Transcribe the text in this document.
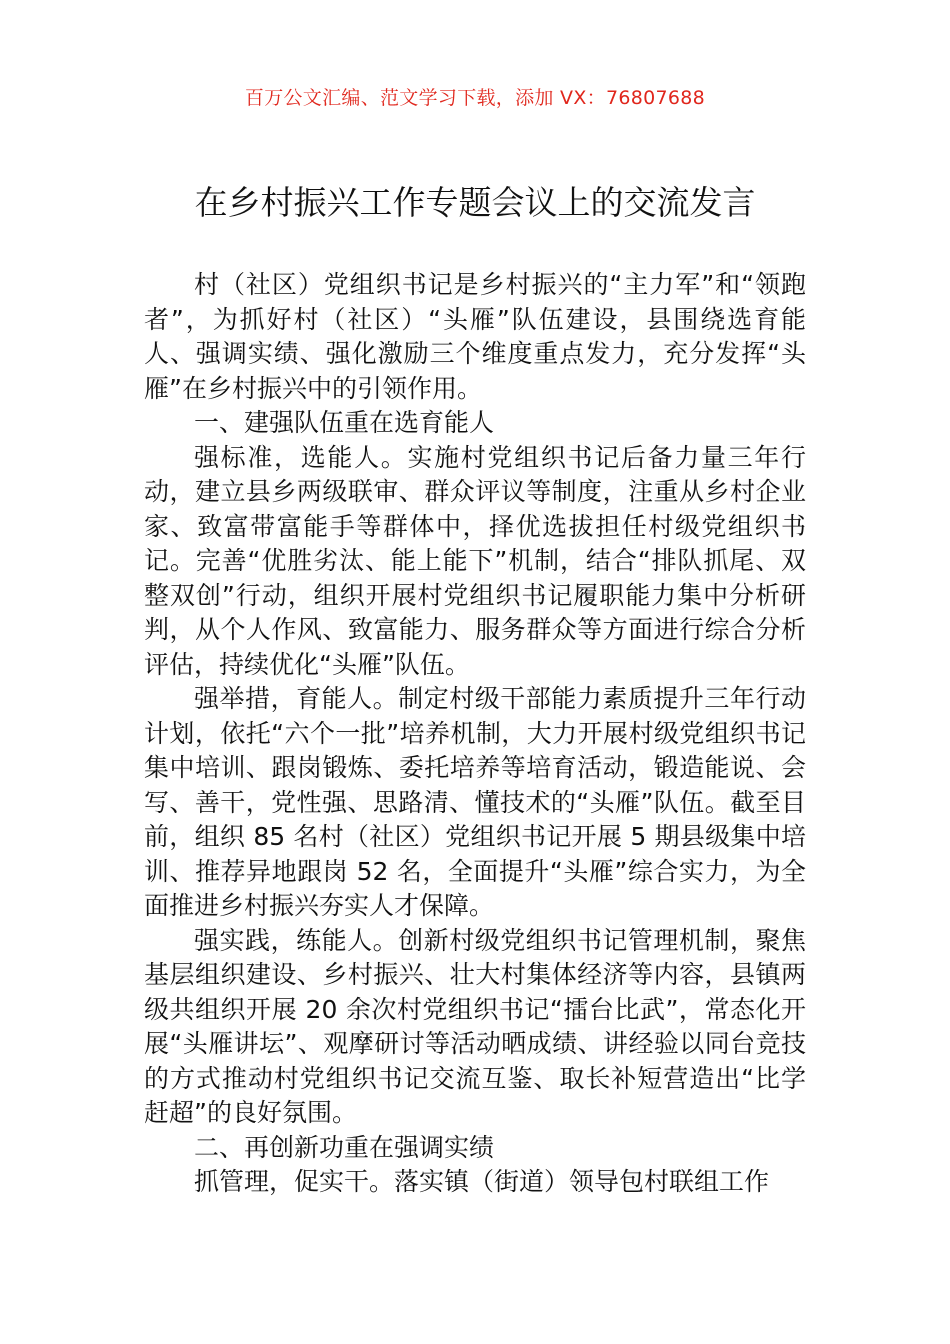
百万公文汇编、范文学习下载，添加 VX：76807688
在乡村振兴工作专题会议上的交流发言

村（社区）党组织书记是乡村振兴的“主力军”和“领跑者”，为抓好村（社区）“头雁”队伍建设，县围绕选育能人、强调实绩、强化激励三个维度重点发力，充分发挥“头雁”在乡村振兴中的引领作用。

一、建强队伍重在选育能人

强标准，选能人。实施村党组织书记后备力量三年行动，建立县乡两级联审、群众评议等制度，注重从乡村企业家、致富带富能手等群体中，择优选拔担任村级党组织书记。完善“优胜劣汰、能上能下”机制，结合“排队抓尾、双整双创”行动，组织开展村党组织书记履职能力集中分析研判，从个人作风、致富能力、服务群众等方面进行综合分析评估，持续优化“头雁”队伍。

强举措，育能人。制定村级干部能力素质提升三年行动计划，依托“六个一批”培养机制，大力开展村级党组织书记集中培训、跟岗锻炼、委托培养等培育活动，锻造能说、会写、善干，党性强、思路清、懂技术的“头雁”队伍。截至目前，组织 85 名村（社区）党组织书记开展 5 期县级集中培训、推荐异地跟岗 52 名，全面提升“头雁”综合实力，为全面推进乡村振兴夯实人才保障。

强实践，练能人。创新村级党组织书记管理机制，聚焦基层组织建设、乡村振兴、壮大村集体经济等内容，县镇两级共组织开展 20 余次村党组织书记“擂台比武”，常态化开展“头雁讲坛”、观摩研讨等活动晒成绩、讲经验以同台竞技的方式推动村党组织书记交流互鉴、取长补短营造出“比学赶超”的良好氛围。

二、再创新功重在强调实绩

抓管理，促实干。落实镇（街道）领导包村联组工作
